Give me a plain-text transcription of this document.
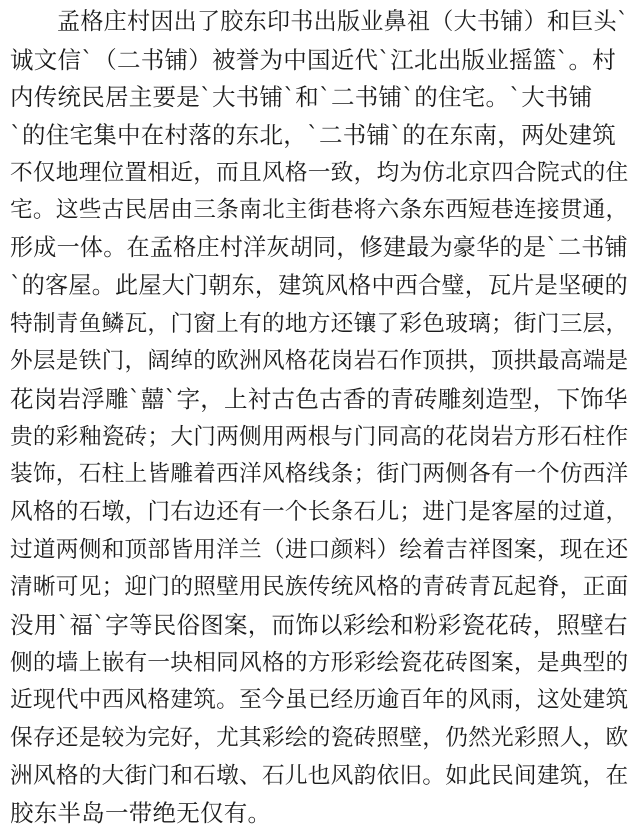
孟格庄村因出了胶东印书出版业鼻祖（大书铺）和巨头`
诚文信`（二书铺）被誉为中国近代`江北出版业摇篮`。村
内传统民居主要是`大书铺`和`二书铺`的住宅。`大书铺
`的住宅集中在村落的东北，`二书铺`的在东南，两处建筑
不仅地理位置相近，而且风格一致，均为仿北京四合院式的住
宅。这些古民居由三条南北主街巷将六条东西短巷连接贯通，
形成一体。在孟格庄村洋灰胡同，修建最为豪华的是`二书铺
`的客屋。此屋大门朝东，建筑风格中西合璧，瓦片是坚硬的
特制青鱼鳞瓦，门窗上有的地方还镶了彩色玻璃；街门三层，
外层是铁门，阔绰的欧洲风格花岗岩石作顶拱，顶拱最高端是
花岗岩浮雕`囍`字，上衬古色古香的青砖雕刻造型，下饰华
贵的彩釉瓷砖；大门两侧用两根与门同高的花岗岩方形石柱作
装饰，石柱上皆雕着西洋风格线条；街门两侧各有一个仿西洋
风格的石墩，门右边还有一个长条石儿；进门是客屋的过道，
过道两侧和顶部皆用洋兰（进口颜料）绘着吉祥图案，现在还
清晰可见；迎门的照壁用民族传统风格的青砖青瓦起脊，正面
没用`福`字等民俗图案，而饰以彩绘和粉彩瓷花砖，照壁右
侧的墙上嵌有一块相同风格的方形彩绘瓷花砖图案，是典型的
近现代中西风格建筑。至今虽已经历逾百年的风雨，这处建筑
保存还是较为完好，尤其彩绘的瓷砖照壁，仍然光彩照人，欧
洲风格的大街门和石墩、石儿也风韵依旧。如此民间建筑，在
胶东半岛一带绝无仅有。
